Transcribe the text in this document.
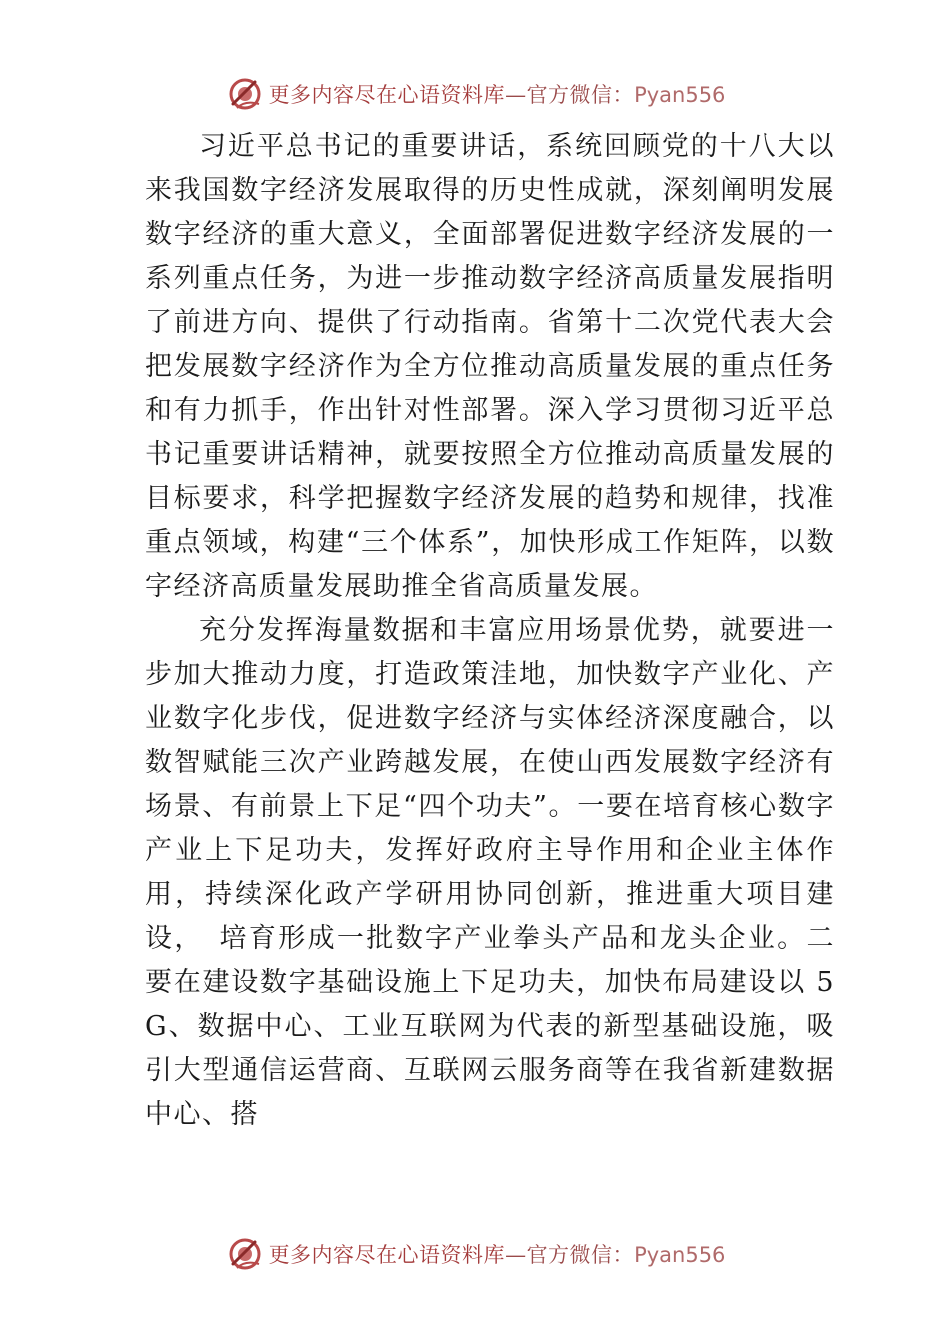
更多内容尽在心语资料库—官方微信：Pyan556

习近平总书记的重要讲话，系统回顾党的十八大以来我国数字经济发展取得的历史性成就，深刻阐明发展数字经济的重大意义，全面部署促进数字经济发展的一系列重点任务，为进一步推动数字经济高质量发展指明了前进方向、提供了行动指南。省第十二次党代表大会把发展数字经济作为全方位推动高质量发展的重点任务和有力抓手，作出针对性部署。深入学习贯彻习近平总书记重要讲话精神，就要按照全方位推动高质量发展的目标要求，科学把握数字经济发展的趋势和规律，找准重点领域，构建“三个体系”，加快形成工作矩阵，以数字经济高质量发展助推全省高质量发展。

充分发挥海量数据和丰富应用场景优势，就要进一步加大推动力度，打造政策洼地，加快数字产业化、产业数字化步伐，促进数字经济与实体经济深度融合，以数智赋能三次产业跨越发展，在使山西发展数字经济有场景、有前景上下足“四个功夫”。一要在培育核心数字产业上下足功夫，发挥好政府主导作用和企业主体作用，持续深化政产学研用协同创新，推进重大项目建设，　培育形成一批数字产业拳头产品和龙头企业。二要在建设数字基础设施上下足功夫，加快布局建设以 5G、数据中心、工业互联网为代表的新型基础设施，吸引大型通信运营商、互联网云服务商等在我省新建数据中心、搭

更多内容尽在心语资料库—官方微信：Pyan556
